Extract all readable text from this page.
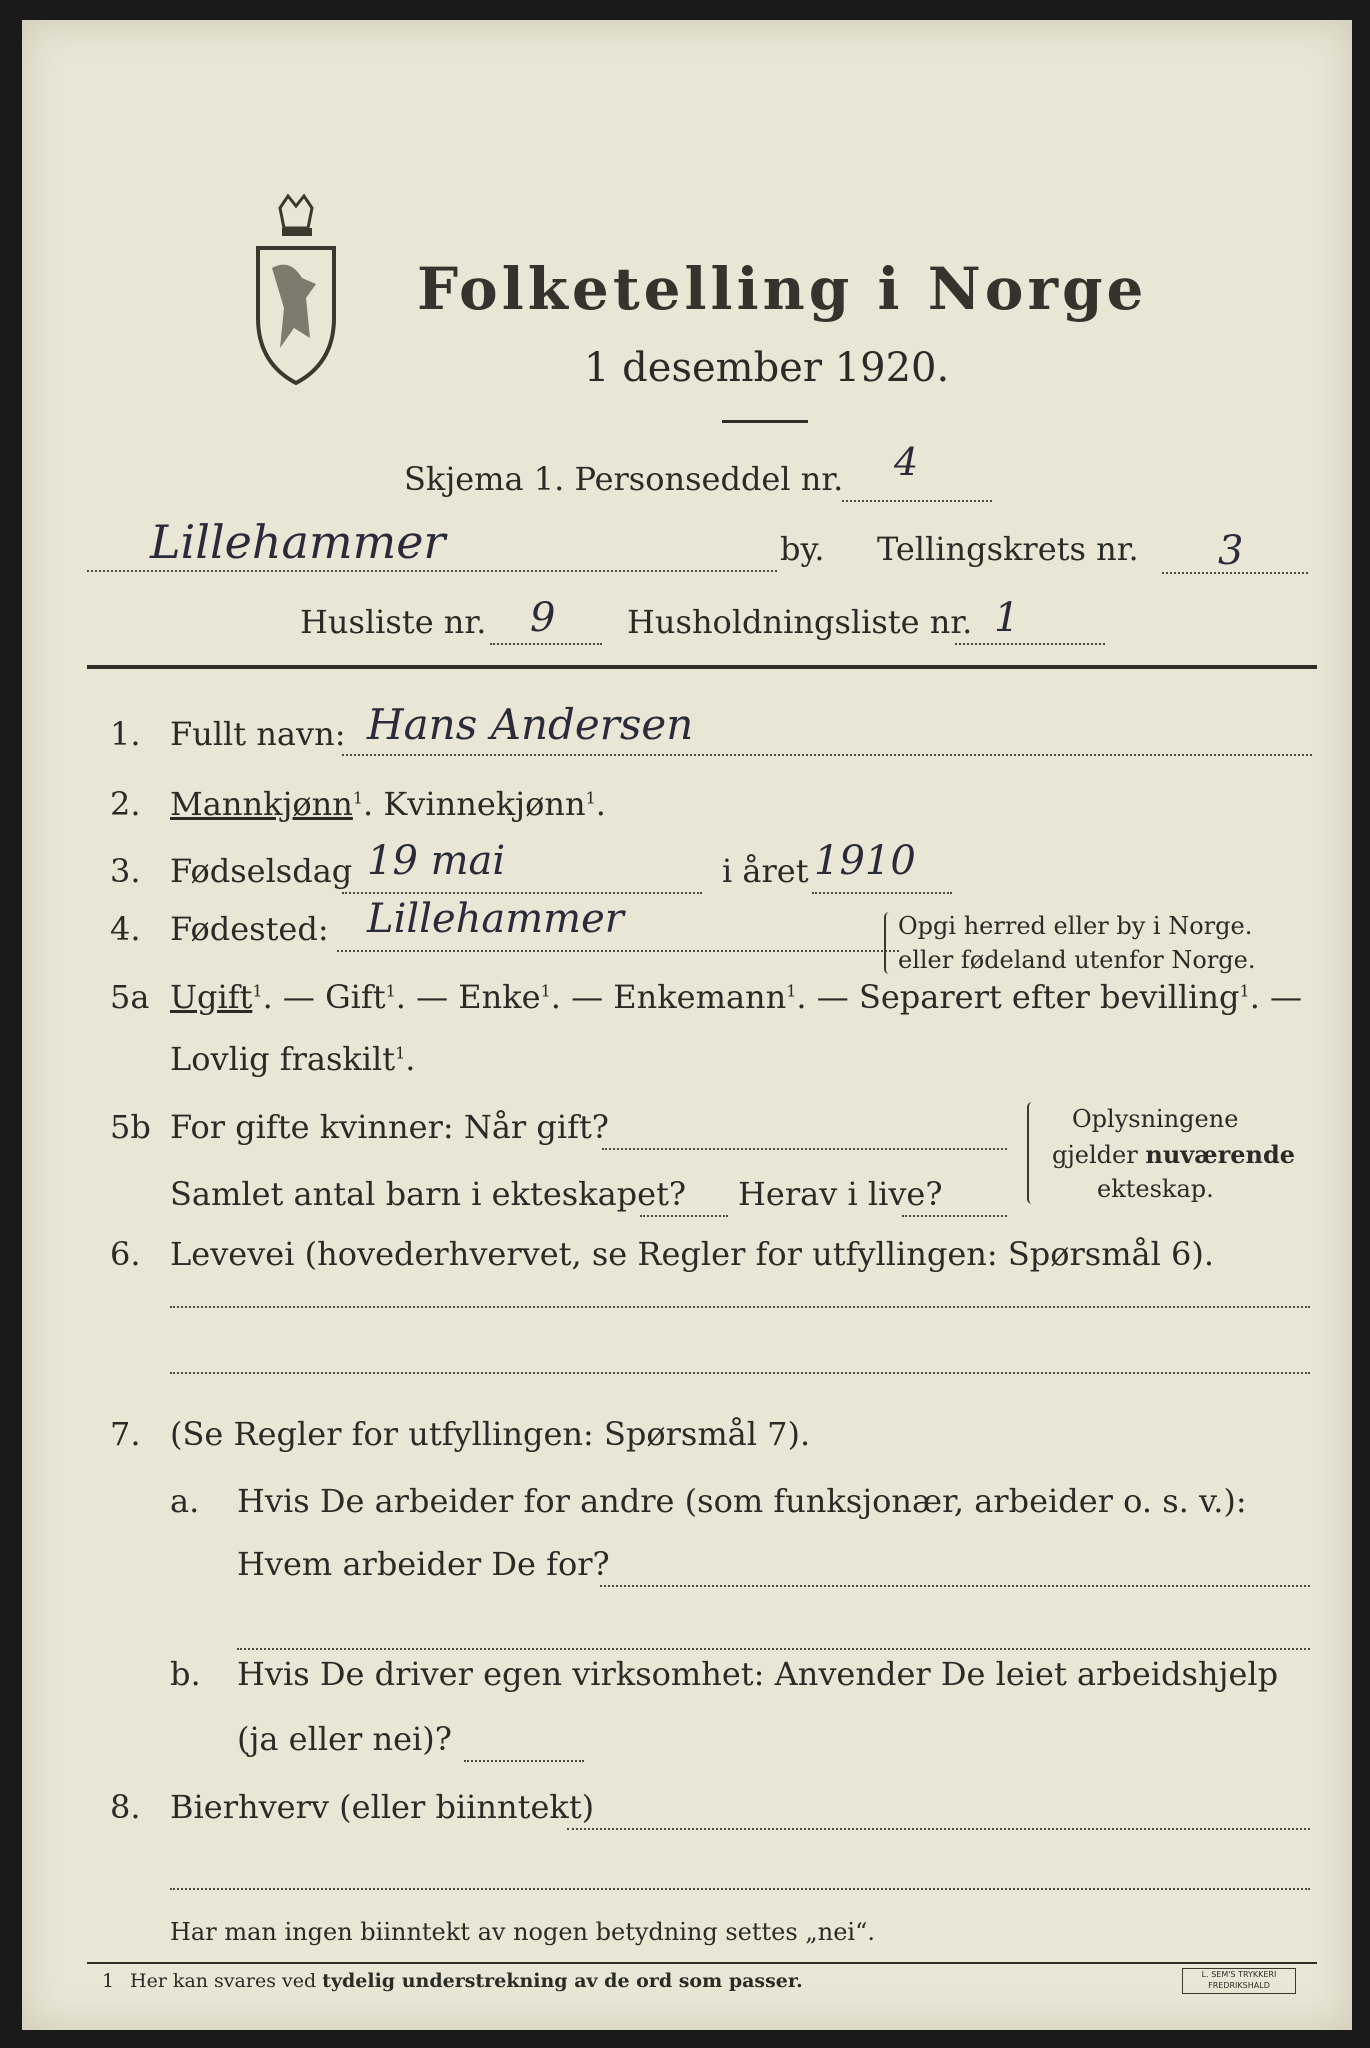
Folketelling i Norge
1 desember 1920.
Skjema 1. Personseddel nr. 4
Lillehammer	by. Tellingskrets nr. 3
Husliste nr. 9 Husholdningsliste nr. 1
1. Fullt navn: Hans Andersen
2. Mannkjønn$^1$. Kvinnekjønn$^1$.
3. Fødselsdag 19 mai	i året 1910
4. Fødested: Lillehammer	Opgi herred eller by i Norge.
eller fødeland utenfor Norge.
5a Ugift$^1$. — Gift$^1$. — Enke$^1$. — Enkemann$^1$. — Separert efter bevilling$^1$. —
Lovlig fraskilt$^1$.
5b For gifte kvinner: Når gift?
Samlet antal barn i ekteskapet? Herav i live?
Oplysningene
gjelder nuværende
ekteskap.
6. Levevei (hovederhvervet, se Regler for utfyllingen: Spørsmål 6).
7. (Se Regler for utfyllingen: Spørsmål 7).
a. Hvis De arbeider for andre (som funksjonær, arbeider o. s. v.):
Hvem arbeider De for?
b. Hvis De driver egen virksomhet: Anvender De leiet arbeidshjelp
(ja eller nei)?
8. Bierhverv (eller biinntekt)
Har man ingen biinntekt av nogen betydning settes „nei“.
1 Her kan svares ved tydelig understrekning av de ord som passer.	L. SEM'S TRYKKERI
FREDRIKSHALD
